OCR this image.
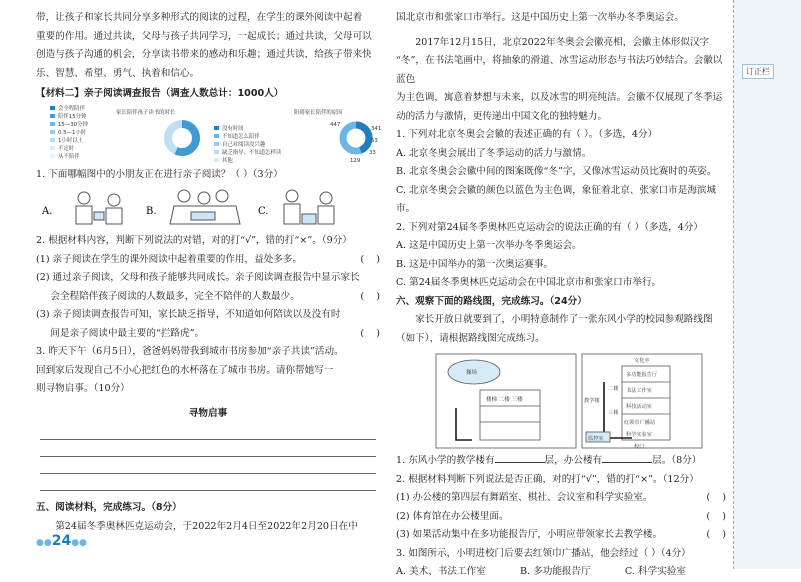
带，让孩子和家长共同分享多种形式的阅读的过程，在学生的课外阅读中起着

重要的作用。通过共读，父母与孩子共同学习，一起成长；通过共读，父母可以

创造与孩子沟通的机会，分享读书带来的感动和乐趣；通过共读，给孩子带来快

乐、智慧、希望、勇气、执着和信心。

【材料二】亲子阅读调查报告（调查人数总计：1000人）

会全程陪伴
陪伴15分钟
15—30分钟
0.5—1小时
1小时以上
不定时
从不陪伴
家长陪伴孩子读书的时长
没有时间
不知道怎么陪伴
自己对阅读没兴趣
缺乏指导、不知道怎样读
其他
阻碍家长陪伴的原因
447
341
33
129
53

1. 下面哪幅图中的小朋友正在进行亲子阅读？（ ）（3分）

A.	B.	C.

2. 根据材料内容，判断下列说法的对错，对的打“√”，错的打“×”。（9分）

(1) 亲子阅读在学生的课外阅读中起着重要的作用，益处多多。	(    )
(2) 通过亲子阅读，父母和孩子能够共同成长。亲子阅读调查报告中显示家长
会全程陪伴孩子阅读的人数最多，完全不陪伴的人数最少。	(    )
(3) 亲子阅读调查报告可知，家长缺乏指导，不知道如何陪读以及没有时
间是亲子阅读中最主要的“拦路虎”。	(    )

3. 昨天下午（6月5日），爸爸妈妈带我到城市书房参加“亲子共读”活动。

回到家后发现自己不小心把红色的水杯落在了城市书房。请你帮她写一

则寻物启事。（10分）

寻物启事

五、阅读材料，完成练习。（8分）

第24届冬季奥林匹克运动会，于2022年2月4日至2022年2月20日在中

国北京市和张家口市举行。这是中国历史上第一次举办冬季奥运会。

2017年12月15日，北京2022年冬奥会会徽亮相，会徽主体形似汉字

“冬”，在书法笔画中，将抽象的滑道、冰雪运动形态与书法巧妙结合。会徽以蓝色

为主色调，寓意着梦想与未来，以及冰雪的明亮纯洁。会徽不仅展现了冬季运

动的活力与激情，更传递出中国文化的独特魅力。

1. 下列对北京冬奥会会徽的表述正确的有（ ）。（多选，4分）

A. 北京冬奥会展出了冬季运动的活力与激情。

B. 北京冬奥会会徽中间的图案既像“冬”字，又像冰雪运动员比赛时的英姿。

C. 北京冬奥会会徽的颜色以蓝色为主色调，象征着北京、张家口市是海滨城市。

2. 下列对第24届冬季奥林匹克运动会的说法正确的有（ ）（多选，4分）

A. 这是中国历史上第一次举办冬季奥运会。

B. 这是中国举办的第一次奥运赛事。

C. 第24届冬季奥林匹克运动会在中国北京市和张家口市举行。

六、观察下面的路线图，完成练习。（24分）

家长开放日就要到了，小明特意制作了一张东风小学的校园参观路线图

（如下），请根据路线图完成练习。

操场
楼梯 二楼 三楼
文化卒
多功能报告厅
书法工作室
科技活动室
红领巾广播站
科学实验室
监控室
校门
教学楼
二楼
三楼

1. 东风小学的教学楼有	层，办公楼有	层。（8分）

2. 根据材料判断下列说法是否正确，对的打“√”，错的打“×”。（12分）

(1) 办公楼的第四层有舞蹈室、棋社、会议室和科学实验室。	(    )
(2) 体育馆在办公楼里面。	(    )
(3) 如果活动集中在多功能报告厅，小明应带领家长去教学楼。	(    )

3. 如图所示，小明进校门后要去红领巾广播站，他会经过（ ）（4分）

A. 美术、书法工作室	B. 多功能报告厅	C. 科学实验室
●●24●●
订正栏
